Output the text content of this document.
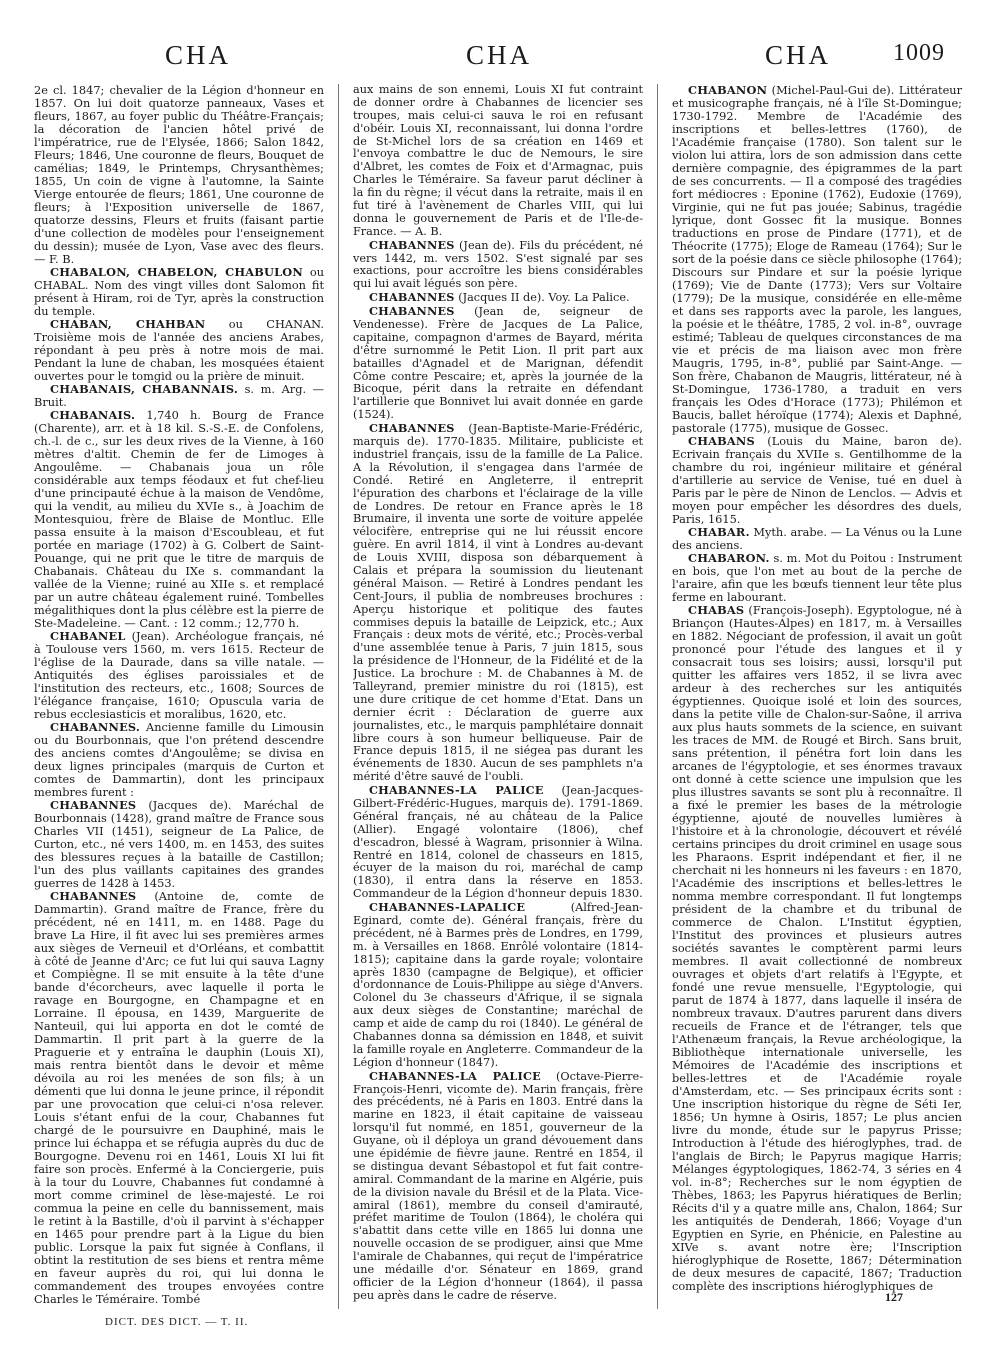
CHA	CHA	CHA	1009

2e cl. 1847; chevalier de la Légion d'honneur en 1857. On lui doit quatorze panneaux, Vases et fleurs, 1867, au foyer public du Théâtre-Français; la décoration de l'ancien hôtel privé de l'impératrice, rue de l'Elysée, 1866; Salon 1842, Fleurs; 1846, Une couronne de fleurs, Bouquet de camélias; 1849, le Printemps, Chrysanthèmes; 1855, Un coin de vigne à l'automne, la Sainte Vierge entourée de fleurs; 1861, Une couronne de fleurs; à l'Exposition universelle de 1867, quatorze dessins, Fleurs et fruits (faisant partie d'une collection de modèles pour l'enseignement du dessin); musée de Lyon, Vase avec des fleurs. — F. B.

CHABALON, CHABELON, CHABULON ou CHABAL. Nom des vingt villes dont Salomon fit présent à Hiram, roi de Tyr, après la construction du temple.

CHABAN, CHAHBAN ou CHANAN. Troisième mois de l'année des anciens Arabes, répondant à peu près à notre mois de mai. Pendant la lune de chaban, les mosquées étaient ouvertes pour le tomgid ou la prière de minuit.

CHABANAIS, CHABANNAIS. s. m. Arg. — Bruit.

CHABANAIS. 1,740 h. Bourg de France (Charente), arr. et à 18 kil. S.-S.-E. de Confolens, ch.-l. de c., sur les deux rives de la Vienne, à 160 mètres d'altit. Chemin de fer de Limoges à Angoulême. — Chabanais joua un rôle considérable aux temps féodaux et fut chef-lieu d'une principauté échue à la maison de Vendôme, qui la vendit, au milieu du XVIe s., à Joachim de Montesquiou, frère de Blaise de Montluc. Elle passa ensuite à la maison d'Escoubleau, et fut portée en mariage (1702) à G. Colbert de Saint-Pouange, qui ne prit que le titre de marquis de Chabanais. Château du IXe s. commandant la vallée de la Vienne; ruiné au XIIe s. et remplacé par un autre château également ruiné. Tombelles mégalithiques dont la plus célèbre est la pierre de Ste-Madeleine. — Cant. : 12 comm.; 12,770 h.

CHABANEL (Jean). Archéologue français, né à Toulouse vers 1560, m. vers 1615. Recteur de l'église de la Daurade, dans sa ville natale. — Antiquités des églises paroissiales et de l'institution des recteurs, etc., 1608; Sources de l'élégance française, 1610; Opuscula varia de rebus ecclesiasticis et moralibus, 1620, etc.

CHABANNES. Ancienne famille du Limousin ou du Bourbonnais, que l'on prétend descendre des anciens comtes d'Angoulême; se divisa en deux lignes principales (marquis de Curton et comtes de Dammartin), dont les principaux membres furent :

CHABANNES (Jacques de). Maréchal de Bourbonnais (1428), grand maître de France sous Charles VII (1451), seigneur de La Palice, de Curton, etc., né vers 1400, m. en 1453, des suites des blessures reçues à la bataille de Castillon; l'un des plus vaillants capitaines des grandes guerres de 1428 à 1453.

CHABANNES (Antoine de, comte de Dammartin). Grand maître de France, frère du précédent, né en 1411, m. en 1488. Page du brave La Hire, il fit avec lui ses premières armes aux sièges de Verneuil et d'Orléans, et combattit à côté de Jeanne d'Arc; ce fut lui qui sauva Lagny et Compiègne. Il se mit ensuite à la tête d'une bande d'écorcheurs, avec laquelle il porta le ravage en Bourgogne, en Champagne et en Lorraine. Il épousa, en 1439, Marguerite de Nanteuil, qui lui apporta en dot le comté de Dammartin. Il prit part à la guerre de la Praguerie et y entraîna le dauphin (Louis XI), mais rentra bientôt dans le devoir et même dévoila au roi les menées de son fils; à un démenti que lui donna le jeune prince, il répondit par une provocation que celui-ci n'osa relever. Louis s'étant enfui de la cour, Chabannes fut chargé de le poursuivre en Dauphiné, mais le prince lui échappa et se réfugia auprès du duc de Bourgogne. Devenu roi en 1461, Louis XI lui fit faire son procès. Enfermé à la Conciergerie, puis à la tour du Louvre, Chabannes fut condamné à mort comme criminel de lèse-majesté. Le roi commua la peine en celle du bannissement, mais le retint à la Bastille, d'où il parvint à s'échapper en 1465 pour prendre part à la Ligue du bien public. Lorsque la paix fut signée à Conflans, il obtint la restitution de ses biens et rentra même en faveur auprès du roi, qui lui donna le commandement des troupes envoyées contre Charles le Téméraire. Tombé

aux mains de son ennemi, Louis XI fut contraint de donner ordre à Chabannes de licencier ses troupes, mais celui-ci sauva le roi en refusant d'obéir. Louis XI, reconnaissant, lui donna l'ordre de St-Michel lors de sa création en 1469 et l'envoya combattre le duc de Nemours, le sire d'Albret, les comtes de Foix et d'Armagnac, puis Charles le Téméraire. Sa faveur parut décliner à la fin du règne; il vécut dans la retraite, mais il en fut tiré à l'avènement de Charles VIII, qui lui donna le gouvernement de Paris et de l'Ile-de-France. — A. B.

CHABANNES (Jean de). Fils du précédent, né vers 1442, m. vers 1502. S'est signalé par ses exactions, pour accroître les biens considérables qui lui avait légués son père.

CHABANNES (Jacques II de). Voy. La Palice.

CHABANNES (Jean de, seigneur de Vendenesse). Frère de Jacques de La Palice, capitaine, compagnon d'armes de Bayard, mérita d'être surnommé le Petit Lion. Il prit part aux batailles d'Agnadel et de Marignan, défendit Côme contre Pescaire; et, après la journée de la Bicoque, périt dans la retraite en défendant l'artillerie que Bonnivet lui avait donnée en garde (1524).

CHABANNES (Jean-Baptiste-Marie-Frédéric, marquis de). 1770-1835. Militaire, publiciste et industriel français, issu de la famille de La Palice. A la Révolution, il s'engagea dans l'armée de Condé. Retiré en Angleterre, il entreprit l'épuration des charbons et l'éclairage de la ville de Londres. De retour en France après le 18 Brumaire, il inventa une sorte de voiture appelée vélocifère, entreprise qui ne lui réussit encore guère. En avril 1814, il vint à Londres au-devant de Louis XVIII, disposa son débarquement à Calais et prépara la soumission du lieutenant général Maison. — Retiré à Londres pendant les Cent-Jours, il publia de nombreuses brochures : Aperçu historique et politique des fautes commises depuis la bataille de Leipzick, etc.; Aux Français : deux mots de vérité, etc.; Procès-verbal d'une assemblée tenue à Paris, 7 juin 1815, sous la présidence de l'Honneur, de la Fidélité et de la Justice. La brochure : M. de Chabannes à M. de Talleyrand, premier ministre du roi (1815), est une dure critique de cet homme d'Etat. Dans un dernier écrit : Déclaration de guerre aux journalistes, etc., le marquis pamphlétaire donnait libre cours à son humeur belliqueuse. Pair de France depuis 1815, il ne siégea pas durant les événements de 1830. Aucun de ses pamphlets n'a mérité d'être sauvé de l'oubli.

CHABANNES-LA PALICE (Jean-Jacques-Gilbert-Frédéric-Hugues, marquis de). 1791-1869. Général français, né au château de la Palice (Allier). Engagé volontaire (1806), chef d'escadron, blessé à Wagram, prisonnier à Wilna. Rentré en 1814, colonel de chasseurs en 1815, écuyer de la maison du roi, maréchal de camp (1830), il entra dans la réserve en 1853. Commandeur de la Légion d'honneur depuis 1830.

CHABANNES-LAPALICE	(Alfred-Jean-Eginard, comte de). Général français, frère du précédent, né à Barmes près de Londres, en 1799, m. à Versailles en 1868. Enrôlé volontaire (1814-1815); capitaine dans la garde royale; volontaire après 1830 (campagne de Belgique), et officier d'ordonnance de Louis-Philippe au siège d'Anvers. Colonel du 3e chasseurs d'Afrique, il se signala aux deux sièges de Constantine; maréchal de camp et aide de camp du roi (1840). Le général de Chabannes donna sa démission en 1848, et suivit la famille royale en Angleterre. Commandeur de la Légion d'honneur (1847).

CHABANNES-LA PALICE (Octave-Pierre-François-Henri, vicomte de). Marin français, frère des précédents, né à Paris en 1803. Entré dans la marine en 1823, il était capitaine de vaisseau lorsqu'il fut nommé, en 1851, gouverneur de la Guyane, où il déploya un grand dévouement dans une épidémie de fièvre jaune. Rentré en 1854, il se distingua devant Sébastopol et fut fait contre-amiral. Commandant de la marine en Algérie, puis de la division navale du Brésil et de la Plata. Vice-amiral (1861), membre du conseil d'amirauté, préfet maritime de Toulon (1864), le choléra qui s'abattit dans cette ville en 1865 lui donna une nouvelle occasion de se prodiguer, ainsi que Mme l'amirale de Chabannes, qui reçut de l'impératrice une médaille d'or. Sénateur en 1869, grand officier de la Légion d'honneur (1864), il passa peu après dans le cadre de réserve.

CHABANON (Michel-Paul-Gui de). Littérateur et musicographe français, né à l'île St-Domingue; 1730-1792. Membre de l'Académie des inscriptions et belles-lettres (1760), de l'Académie française (1780). Son talent sur le violon lui attira, lors de son admission dans cette dernière compagnie, des épigrammes de la part de ses concurrents. — Il a composé des tragédies fort médiocres : Eponine (1762), Eudoxie (1769), Virginie, qui ne fut pas jouée; Sabinus, tragédie lyrique, dont Gossec fit la musique. Bonnes traductions en prose de Pindare (1771), et de Théocrite (1775); Eloge de Rameau (1764); Sur le sort de la poésie dans ce siècle philosophe (1764); Discours sur Pindare et sur la poésie lyrique (1769); Vie de Dante (1773); Vers sur Voltaire (1779); De la musique, considérée en elle-même et dans ses rapports avec la parole, les langues, la poésie et le théâtre, 1785, 2 vol. in-8°, ouvrage estimé; Tableau de quelques circonstances de ma vie et précis de ma liaison avec mon frère Maugris, 1795, in-8°, publié par Saint-Ange. — Son frère, Chabanon de Maugris, littérateur, né à St-Domingue, 1736-1780, a traduit en vers français les Odes d'Horace (1773); Philémon et Baucis, ballet héroïque (1774); Alexis et Daphné, pastorale (1775), musique de Gossec.

CHABANS (Louis du Maine, baron de). Ecrivain français du XVIIe s. Gentilhomme de la chambre du roi, ingénieur militaire et général d'artillerie au service de Venise, tué en duel à Paris par le père de Ninon de Lenclos. — Advis et moyen pour empêcher les désordres des duels, Paris, 1615.

CHABAR. Myth. arabe. — La Vénus ou la Lune des anciens.

CHABARON. s. m. Mot du Poitou : Instrument en bois, que l'on met au bout de la perche de l'araire, afin que les bœufs tiennent leur tête plus ferme en labourant.

CHABAS (François-Joseph). Egyptologue, né à Briançon (Hautes-Alpes) en 1817, m. à Versailles en 1882. Négociant de profession, il avait un goût prononcé pour l'étude des langues et il y consacrait tous ses loisirs; aussi, lorsqu'il put quitter les affaires vers 1852, il se livra avec ardeur à des recherches sur les antiquités égyptiennes. Quoique isolé et loin des sources, dans la petite ville de Chalon-sur-Saône, il arriva aux plus hauts sommets de la science, en suivant les traces de MM. de Rougé et Birch. Sans bruit, sans prétention, il pénétra fort loin dans les arcanes de l'égyptologie, et ses énormes travaux ont donné à cette science une impulsion que les plus illustres savants se sont plu à reconnaître. Il a fixé le premier les bases de la métrologie égyptienne, ajouté de nouvelles lumières à l'histoire et à la chronologie, découvert et révélé certains principes du droit criminel en usage sous les Pharaons. Esprit indépendant et fier, il ne cherchait ni les honneurs ni les faveurs : en 1870, l'Académie des inscriptions et belles-lettres le nomma membre correspondant. Il fut longtemps président de la chambre et du tribunal de commerce de Chalon. L'Institut égyptien, l'Institut des provinces et plusieurs autres sociétés savantes le comptèrent parmi leurs membres. Il avait collectionné de nombreux ouvrages et objets d'art relatifs à l'Egypte, et fondé une revue mensuelle, l'Egyptologie, qui parut de 1874 à 1877, dans laquelle il inséra de nombreux travaux. D'autres parurent dans divers recueils de France et de l'étranger, tels que l'Athenæum français, la Revue archéologique, la Bibliothèque internationale universelle, les Mémoires de l'Académie des inscriptions et belles-lettres et de l'Académie royale d'Amsterdam, etc. — Ses principaux écrits sont : Une inscription historique du règne de Séti Ier, 1856; Un hymne à Osiris, 1857; Le plus ancien livre du monde, étude sur le papyrus Prisse; Introduction à l'étude des hiéroglyphes, trad. de l'anglais de Birch; le Papyrus magique Harris; Mélanges égyptologiques, 1862-74, 3 séries en 4 vol. in-8°; Recherches sur le nom égyptien de Thèbes, 1863; les Papyrus hiératiques de Berlin; Récits d'il y a quatre mille ans, Chalon, 1864; Sur les antiquités de Denderah, 1866; Voyage d'un Egyptien en Syrie, en Phénicie, en Palestine au XIVe s. avant notre ère; l'Inscription hiéroglyphique de Rosette, 1867; Détermination de deux mesures de capacité, 1867; Traduction complète des inscriptions hiéroglyphiques de

DICT. DES DICT. — T. II.
127
